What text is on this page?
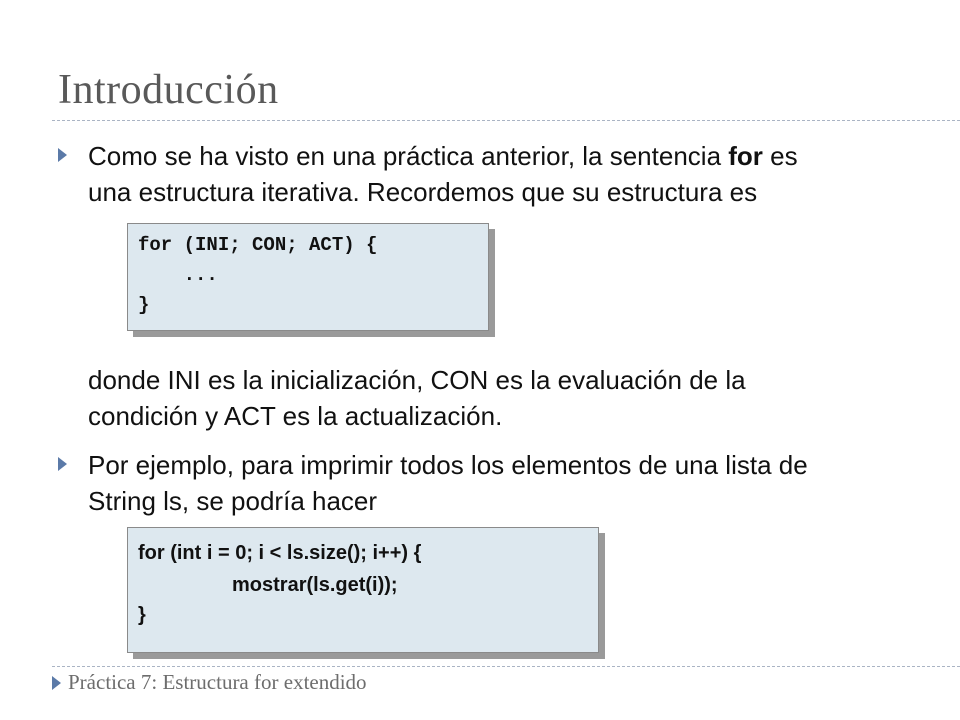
Introducción
Como se ha visto en una práctica anterior, la sentencia for es
una estructura iterativa. Recordemos que su estructura es
for (INI; CON; ACT) {
...
}
donde INI es la inicialización, CON es la evaluación de la
condición y ACT es la actualización.
Por ejemplo, para imprimir todos los elementos de una lista de
String ls, se podría hacer
for (int i = 0; i < ls.size(); i++) {
mostrar(ls.get(i));
}
Práctica 7: Estructura for extendido
